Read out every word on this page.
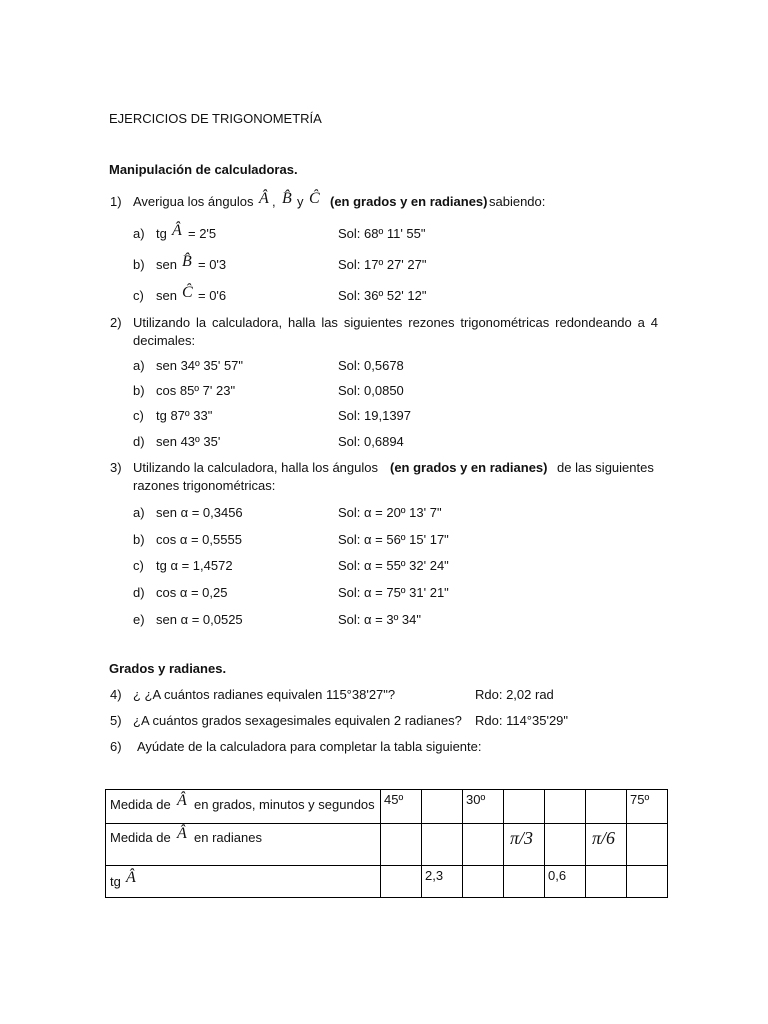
EJERCICIOS DE TRIGONOMETRÍA
Manipulación de calculadoras.
1) Averigua los ángulos Â , B̂ y Ĉ (en grados y en radianes) sabiendo:
a) tg Â = 2'5	Sol: 68º 11' 55"
b) sen B̂ = 0'3	Sol: 17º 27' 27"
c) sen Ĉ = 0'6	Sol: 36º 52' 12"
2) Utilizando la calculadora, halla las siguientes rezones trigonométricas redondeando a 4
decimales:
a) sen 34º 35' 57"	Sol: 0,5678
b) cos 85º 7' 23"	Sol: 0,0850
c) tg 87º 33"	Sol: 19,1397
d) sen 43º 35'	Sol: 0,6894
3) Utilizando la calculadora, halla los ángulos (en grados y en radianes) de las siguientes
razones trigonométricas:
a) sen α = 0,3456	Sol: α = 20º 13' 7"
b) cos α = 0,5555	Sol: α = 56º 15' 17"
c) tg α = 1,4572	Sol: α = 55º 32' 24"
d) cos α = 0,25	Sol: α = 75º 31' 21"
e) sen α = 0,0525	Sol: α = 3º 34"
Grados y radianes.
4) ¿ ¿A cuántos radianes equivalen 115°38'27"?	Rdo: 2,02 rad
5) ¿A cuántos grados sexagesimales equivalen 2 radianes? Rdo: 114°35'29"
6) Ayúdate de la calculadora para completar la tabla siguiente:
Medida de Â en grados, minutos y segundos	45º		30º				75º

Medida de Â en radianes				π/3		π/6	

tg Â		2,3			0,6		
